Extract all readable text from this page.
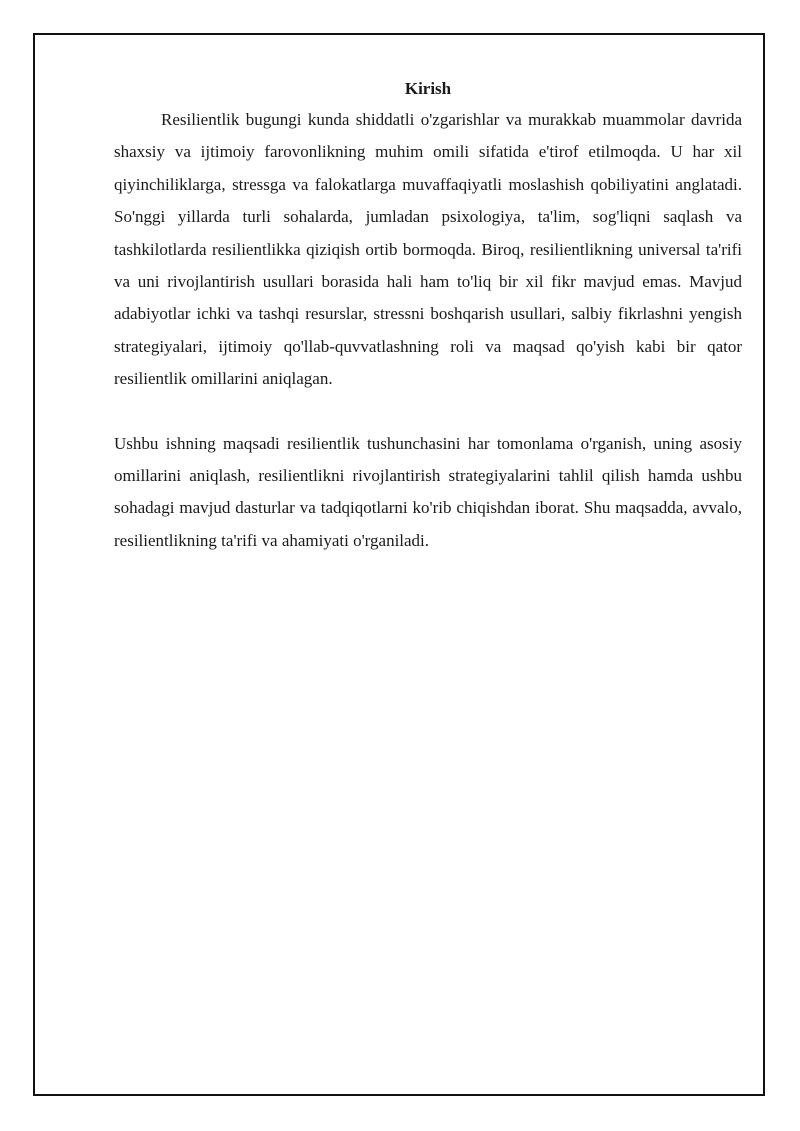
Kirish

Resilientlik bugungi kunda shiddatli o'zgarishlar va murakkab muammolar davrida shaxsiy va ijtimoiy farovonlikning muhim omili sifatida e'tirof etilmoqda. U har xil qiyinchiliklarga, stressga va falokatlarga muvaffaqiyatli moslashish qobiliyatini anglatadi. So'nggi yillarda turli sohalarda, jumladan psixologiya, ta'lim, sog'liqni saqlash va tashkilotlarda resilientlikka qiziqish ortib bormoqda. Biroq, resilientlikning universal ta'rifi va uni rivojlantirish usullari borasida hali ham to'liq bir xil fikr mavjud emas. Mavjud adabiyotlar ichki va tashqi resurslar, stressni boshqarish usullari, salbiy fikrlashni yengish strategiyalari, ijtimoiy qo'llab-quvvatlashning roli va maqsad qo'yish kabi bir qator resilientlik omillarini aniqlagan.

Ushbu ishning maqsadi resilientlik tushunchasini har tomonlama o'rganish, uning asosiy omillarini aniqlash, resilientlikni rivojlantirish strategiyalarini tahlil qilish hamda ushbu sohadagi mavjud dasturlar va tadqiqotlarni ko'rib chiqishdan iborat. Shu maqsadda, avvalo, resilientlikning ta'rifi va ahamiyati o'rganiladi.
